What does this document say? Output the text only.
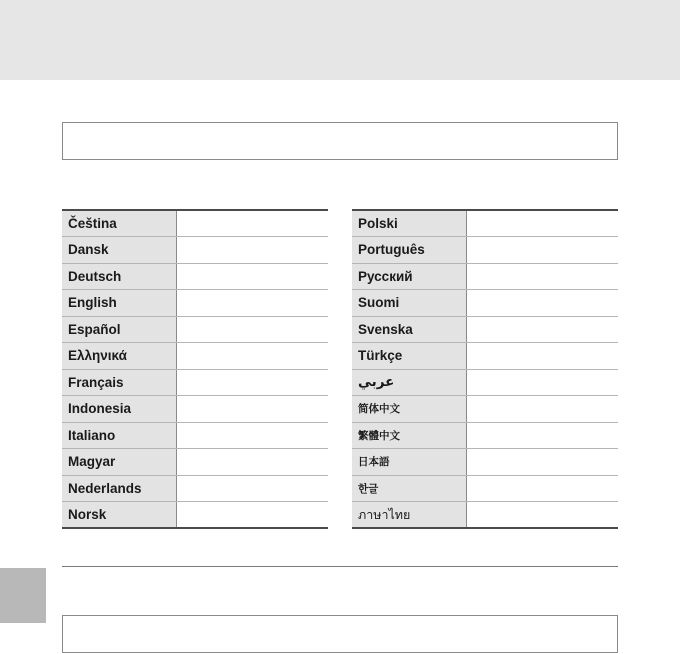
Čeština	
Dansk	
Deutsch	
English	
Español	
Ελληνικά	
Français	
Indonesia	
Italiano	
Magyar	
Nederlands	
Norsk	
Polski	
Português	
Русский	
Suomi	
Svenska	
Türkçe	
عربي	
简体中文	
繁體中文	
日本語	
한글	
ภาษาไทย	
